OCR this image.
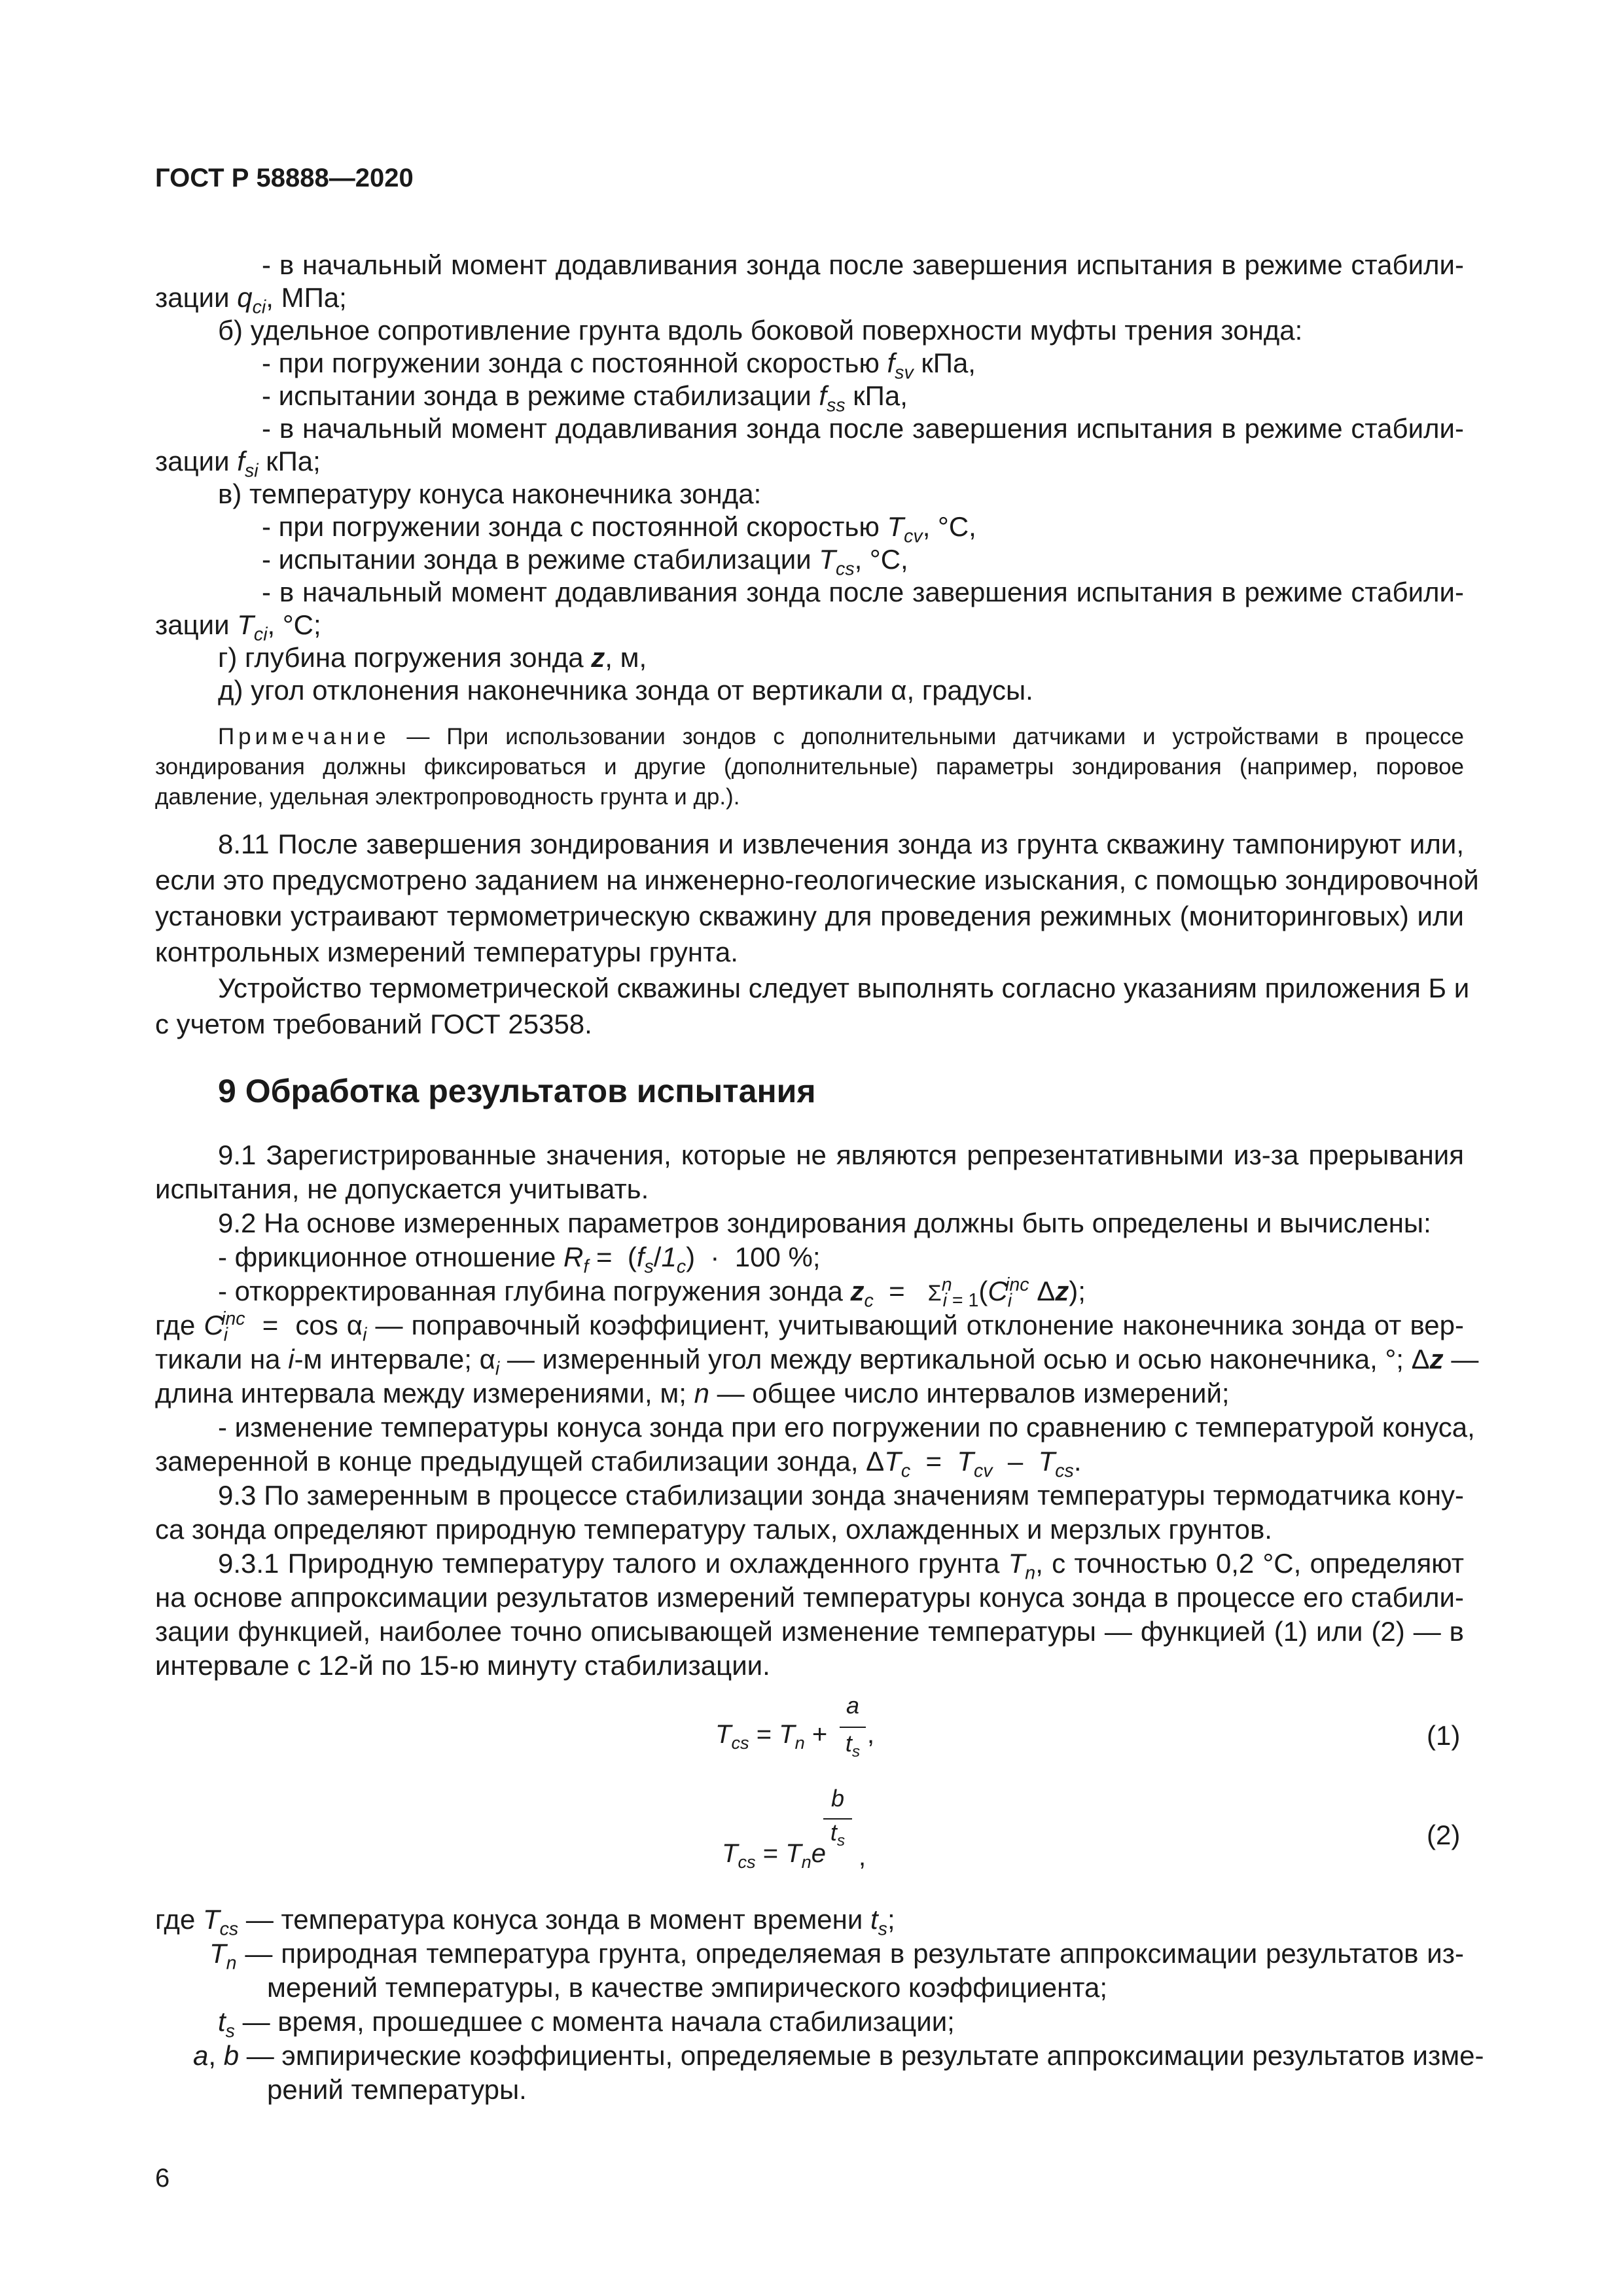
ГОСТ Р 58888—2020
- в начальный момент додавливания зонда после завершения испытания в режиме стабили-
зации $q_{ci}$, МПа;
б) удельное сопротивление грунта вдоль боковой поверхности муфты трения зонда:
- при погружении зонда с постоянной скоростью $f_{sv}$ кПа,
- испытании зонда в режиме стабилизации $f_{ss}$ кПа,
- в начальный момент додавливания зонда после завершения испытания в режиме стабили-
зации $f_{si}$ кПа;
в) температуру конуса наконечника зонда:
- при погружении зонда с постоянной скоростью $T_{cv}$, °С,
- испытании зонда в режиме стабилизации $T_{cs}$, °С,
- в начальный момент додавливания зонда после завершения испытания в режиме стабили-
зации $T_{ci}$, °С;
г) глубина погружения зонда z, м,
д) угол отклонения наконечника зонда от вертикали α, градусы.
Примечание — При использовании зондов с дополнительными датчиками и устройствами в процессе
зондирования должны фиксироваться и другие (дополнительные) параметры зондирования (например, поровое
давление, удельная электропроводность грунта и др.).
8.11 После завершения зондирования и извлечения зонда из грунта скважину тампонируют или,
если это предусмотрено заданием на инженерно-геологические изыскания, с помощью зондировочной
установки устраивают термометрическую скважину для проведения режимных (мониторинговых) или
контрольных измерений температуры грунта.
Устройство термометрической скважины следует выполнять согласно указаниям приложения Б и
с учетом требований ГОСТ 25358.
9 Обработка результатов испытания
9.1 Зарегистрированные значения, которые не являются репрезентативными из-за прерывания
испытания, не допускается учитывать.
9.2 На основе измеренных параметров зондирования должны быть определены и вычислены:
- фрикционное отношение $R_f = (f_s/1_c) \cdot 100$ %;
- откорректированная глубина погружения зонда $z_c = \Sigma^n_{i = 1}(C_i^{inc}$ Δz);
где $C_i^{inc} = \cos \alpha_i$ — поправочный коэффициент, учитывающий отклонение наконечника зонда от вер-
тикали на i-м интервале; $\alpha_i$ — измеренный угол между вертикальной осью и осью наконечника, °; Δz —
длина интервала между измерениями, м; n — общее число интервалов измерений;
- изменение температуры конуса зонда при его погружении по сравнению с температурой конуса,
замеренной в конце предыдущей стабилизации зонда, $\Delta T_c = T_{cv} - T_{cs}$.
9.3 По замеренным в процессе стабилизации зонда значениям температуры термодатчика кону-
са зонда определяют природную температуру талых, охлажденных и мерзлых грунтов.
9.3.1 Природную температуру талого и охлажденного грунта $T_n$, с точностью 0,2 °С, определяют
на основе аппроксимации результатов измерений температуры конуса зонда в процессе его стабили-
зации функцией, наиболее точно описывающей изменение температуры — функцией (1) или (2) — в
интервале с 12-й по 15-ю минуту стабилизации.
$T_{cs} = T_n$ +
a
$t_s$
,	(1)
$T_{cs} = T_ne$
b
$t_s$
,
(2)
где $T_{cs}$ — температура конуса зонда в момент времени $t_s$;
$T_n$ — природная температура грунта, определяемая в результате аппроксимации результатов из-
мерений температуры, в качестве эмпирического коэффициента;
$t_s$ — время, прошедшее с момента начала стабилизации;
a, b — эмпирические коэффициенты, определяемые в результате аппроксимации результатов изме-
рений температуры.
6
